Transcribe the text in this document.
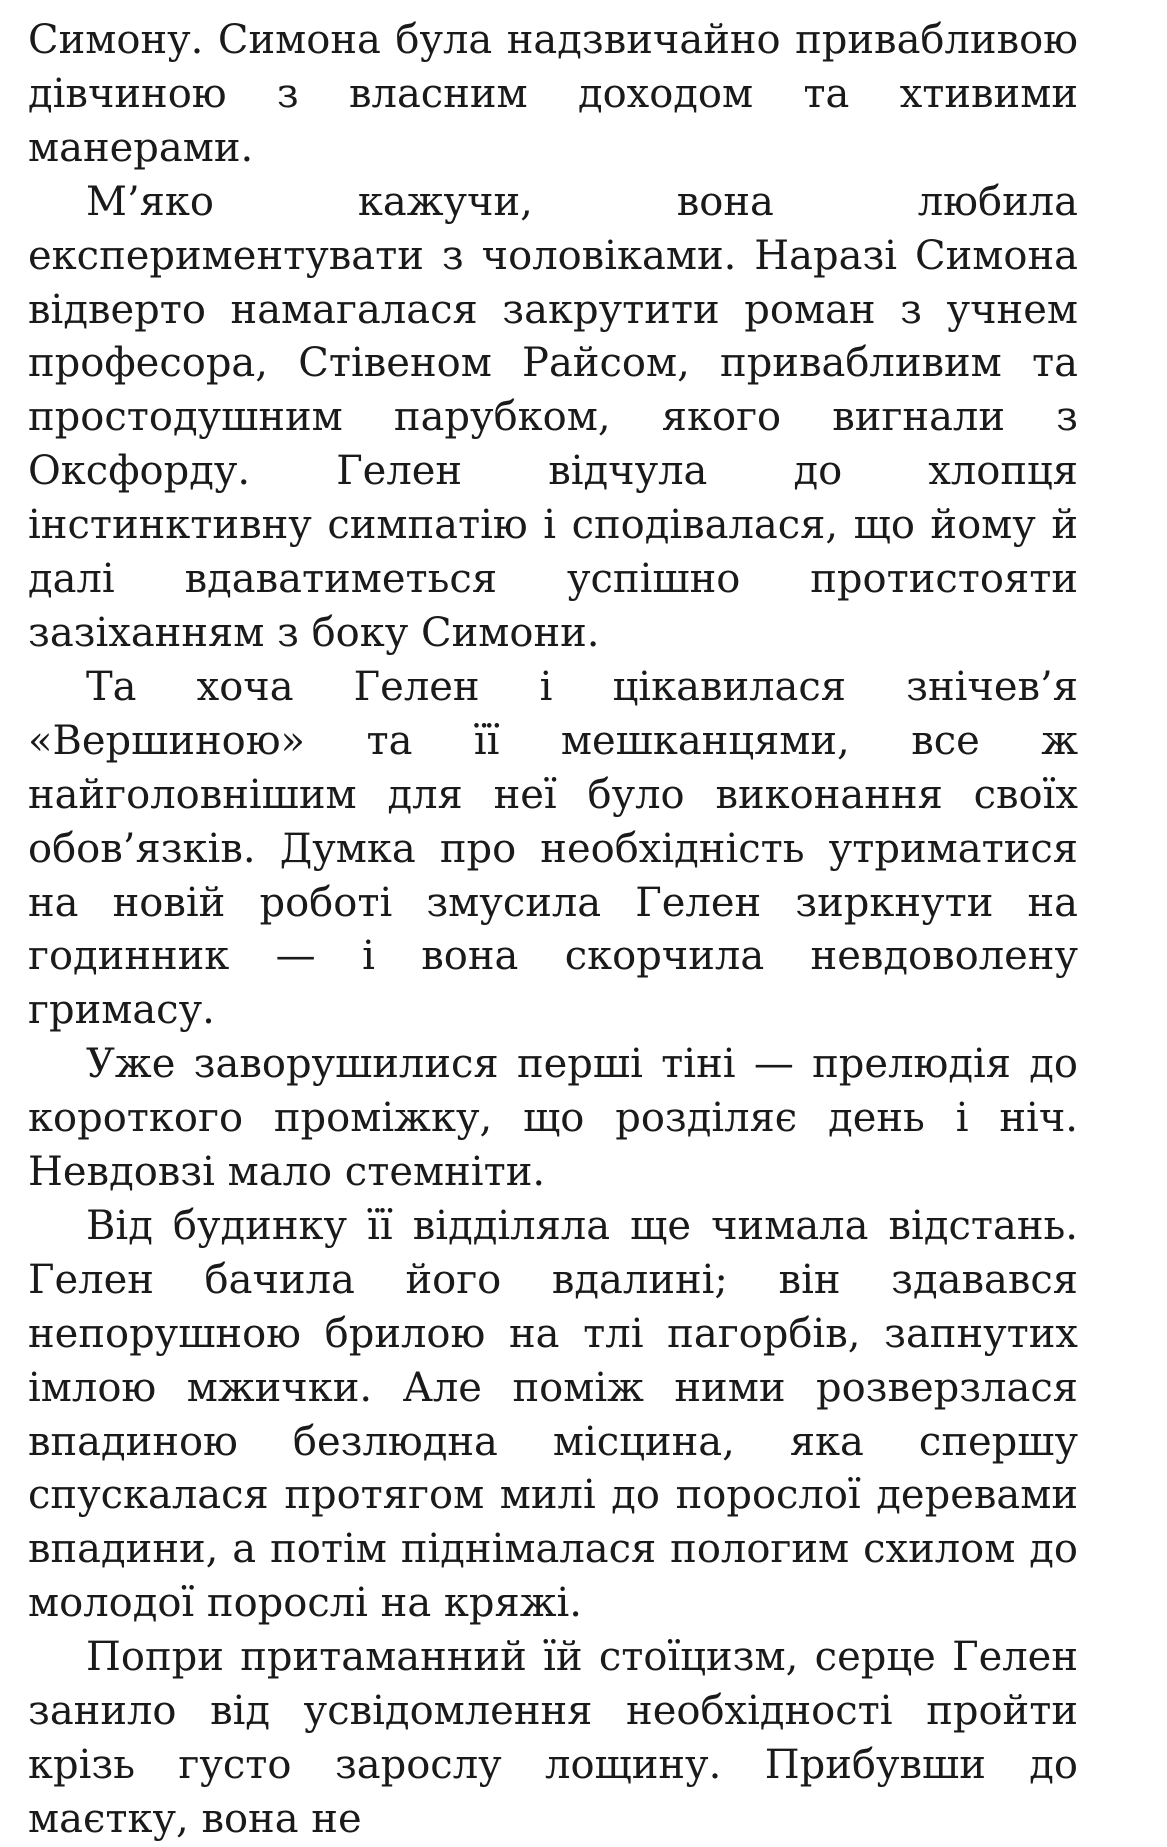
Симону. Симона була надзвичайно привабливою дівчиною з власним доходом та хтивими манерами.

М’яко кажучи, вона любила експериментувати з чоловіками. Наразі Симона відверто намагалася закрутити роман з учнем професора, Стівеном Райсом, привабливим та простодушним парубком, якого вигнали з Оксфорду. Гелен відчула до хлопця інстинктивну симпатію і сподівалася, що йому й далі вдаватиметься успішно протистояти зазіханням з боку Симони.

Та хоча Гелен і цікавилася знічев’я «Вершиною» та її мешканцями, все ж найголовнішим для неї було виконання своїх обов’язків. Думка про необхідність утриматися на новій роботі змусила Гелен зиркнути на годинник — і вона скорчила невдоволену гримасу.

Уже заворушилися перші тіні — прелюдія до короткого проміжку, що розділяє день і ніч. Невдовзі мало стемніти.

Від будинку її відділяла ще чимала відстань. Гелен бачила його вдалині; він здавався непорушною брилою на тлі пагорбів, запнутих імлою мжички. Але поміж ними розверзлася впадиною безлюдна місцина, яка спершу спускалася протягом милі до порослої деревами впадини, а потім піднімалася пологим схилом до молодої порослі на кряжі.

Попри притаманний їй стоїцизм, серце Гелен занило від усвідомлення необхідності пройти крізь густо зарослу лощину. Прибувши до маєтку, вона не
